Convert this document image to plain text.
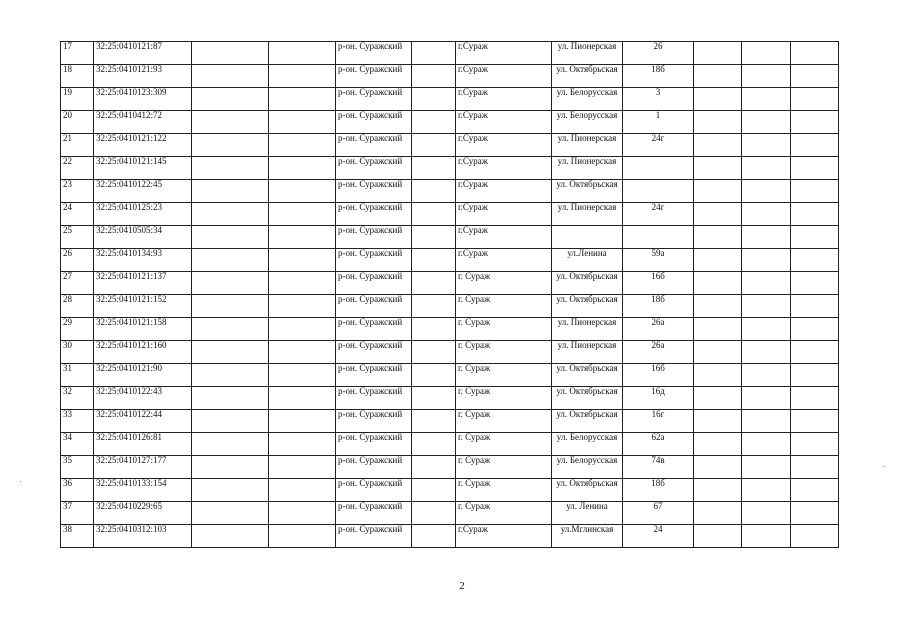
17	32:25:0410121:87			р-он. Суражский		г.Сураж	ул. Пионерская	26			
18	32:25:0410121:93			р-он. Суражский		г.Сураж	ул. Октябрьская	18б			
19	32:25:0410123:309			р-он. Суражский		г.Сураж	ул. Белорусская	3			
20	32:25:0410412:72			р-он. Суражский		г.Сураж	ул. Белорусская	1			
21	32:25:0410121:122			р-он. Суражский		г.Сураж	ул. Пионерская	24г			
22	32:25:0410121:145			р-он. Суражский		г.Сураж	ул. Пионерская				
23	32:25:0410122:45			р-он. Суражский		г.Сураж	ул. Октябрьская				
24	32:25:0410125:23			р-он. Суражский		г.Сураж	ул. Пионерская	24г			
25	32:25:0410505:34			р-он. Суражский		г.Сураж					
26	32:25:0410134:93			р-он. Суражский		г.Сураж	ул.Ленина	59а			
27	32:25:0410121:137			р-он. Суражский		г. Сураж	ул. Октябрьская	16б			
28	32:25:0410121:152			р-он. Суражский		г. Сураж	ул. Октябрьская	18б			
29	32:25:0410121:158			р-он. Суражский		г. Сураж	ул. Пионерская	26а			
30	32:25:0410121:160			р-он. Суражский		г. Сураж	ул. Пионерская	26а			
31	32:25:0410121:90			р-он. Суражский		г. Сураж	ул. Октябрьская	16б			
32	32:25:0410122:43			р-он. Суражский		г. Сураж	ул. Октябрьская	16д			
33	32:25:0410122:44			р-он. Суражский		г. Сураж	ул. Октябрьская	16г			
34	32:25:0410126:81			р-он. Суражский		г. Сураж	ул. Белорусская	62а			
35	32:25:0410127:177			р-он. Суражский		г. Сураж	ул. Белорусская	74в			
36	32:25:0410133:154			р-он. Суражский		г. Сураж	ул. Октябрьская	18б			
37	32:25:0410229:65			р-он. Суражский		г. Сураж	ул. Ленина	67			
38	32:25:0410312:103			р-он. Суражский		г.Сураж	ул.Мглинская	24			
2
